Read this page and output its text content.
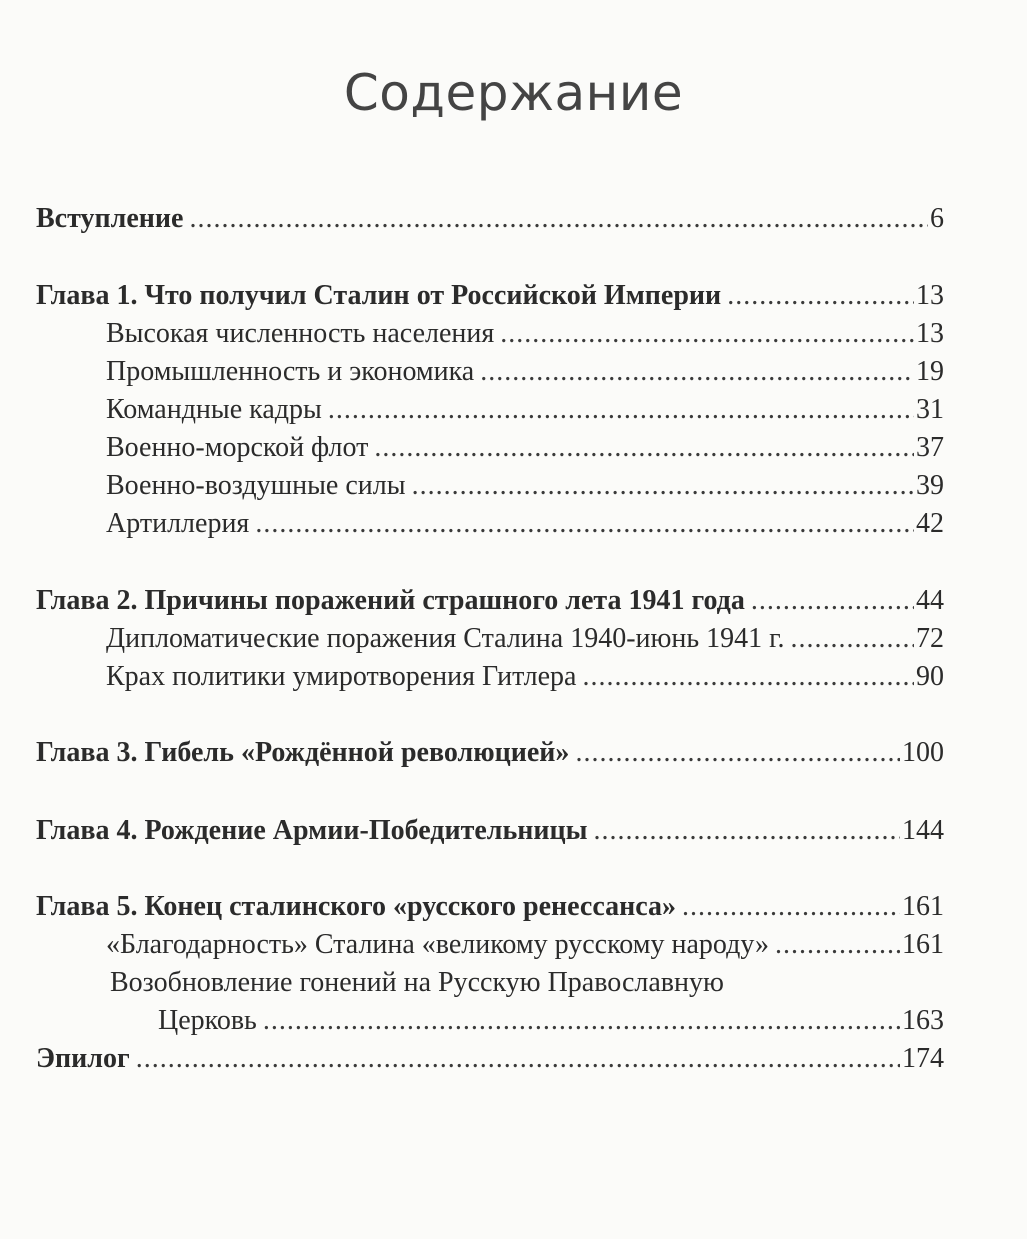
Содержание
Вступление .....	6
Глава 1. Что получил Сталин от Российской Империи .....	13
Высокая численность населения .....	13
Промышленность и экономика .....	19
Командные кадры .....	31
Военно-морской флот .....	37
Военно-воздушные силы .....	39
Артиллерия .....	42
Глава 2. Причины поражений страшного лета 1941 года .....	44
Дипломатические поражения Сталина 1940-июнь 1941 г. .....	72
Крах политики умиротворения Гитлера .....	90
Глава 3. Гибель «Рождённой революцией» .....	100
Глава 4. Рождение Армии-Победительницы .....	144
Глава 5. Конец сталинского «русского ренессанса» .....	161
«Благодарность» Сталина «великому русскому народу» .....	161
Возобновление гонений на Русскую Православную
Церковь .....	163
Эпилог .....	174
